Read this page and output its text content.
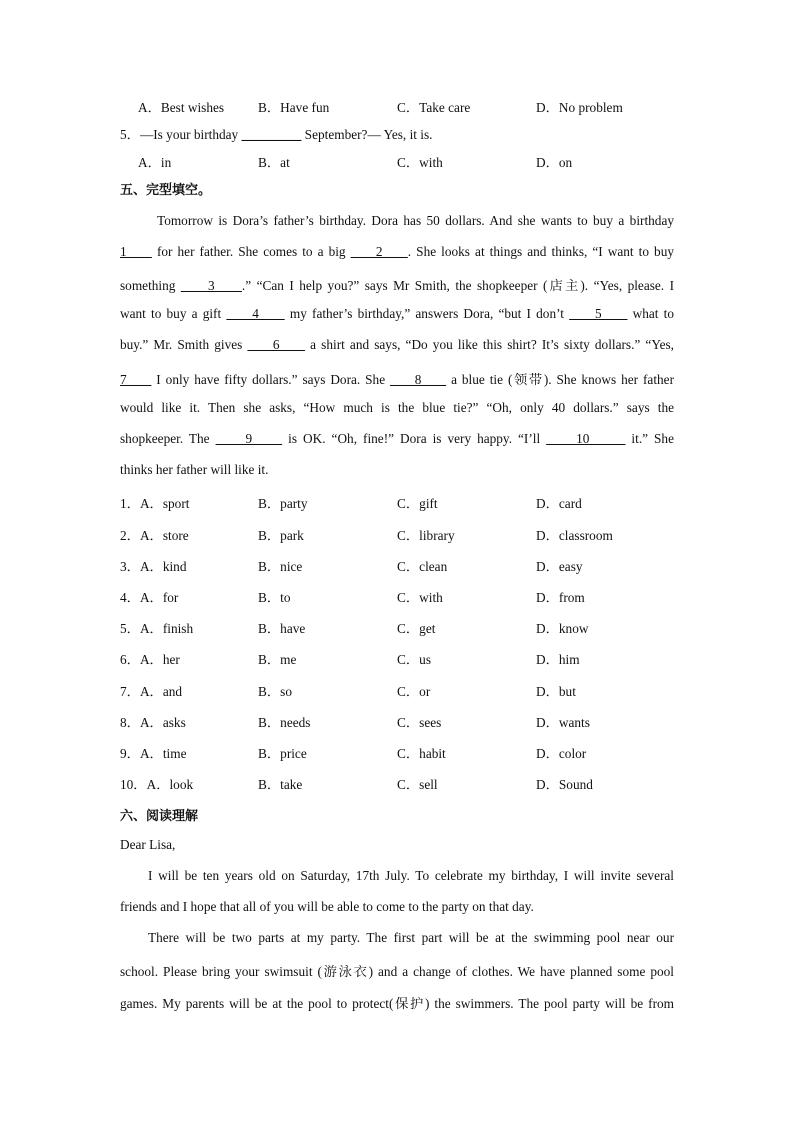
A．Best wishes	B．Have fun	C．Take care	D．No problem
5．—Is your birthday _________ September?— Yes, it is.
A．in	B．at	C．with	D．on
五、完型填空。
Tomorrow is Dora’s father’s birthday. Dora has 50 dollars. And she wants to buy a birthday
1      for her father. She comes to a big      2     . She looks at things and thinks, “I want to buy
something      3     .” “Can I help you?” says Mr Smith, the shopkeeper (店主). “Yes, please. I
want to buy a gift      4      my father’s birthday,” answers Dora, “but I don’t      5      what to
buy.” Mr. Smith gives      6      a shirt and says, “Do you like this shirt? It’s sixty dollars.” “Yes,
7      I only have fifty dollars.” says Dora. She      8      a blue tie (领带). She knows her father
would like it. Then she asks, “How much is the blue tie?” “Oh, only 40 dollars.” says the
shopkeeper. The      9      is OK. “Oh, fine!” Dora is very happy. “I’ll      10       it.” She
thinks her father will like it.
1．A．sport	B．party	C．gift	D．card
2．A．store	B．park	C．library	D．classroom
3．A．kind	B．nice	C．clean	D．easy
4．A．for	B．to	C．with	D．from
5．A．finish	B．have	C．get	D．know
6．A．her	B．me	C．us	D．him
7．A．and	B．so	C．or	D．but
8．A．asks	B．needs	C．sees	D．wants
9．A．time	B．price	C．habit	D．color
10．A．look	B．take	C．sell	D．Sound
六、阅读理解
Dear Lisa,
I will be ten years old on Saturday, 17th July. To celebrate my birthday, I will invite several
friends and I hope that all of you will be able to come to the party on that day.
There will be two parts at my party. The first part will be at the swimming pool near our
school. Please bring your swimsuit (游泳衣) and a change of clothes. We have planned some pool
games. My parents will be at the pool to protect(保护) the swimmers. The pool party will be from
